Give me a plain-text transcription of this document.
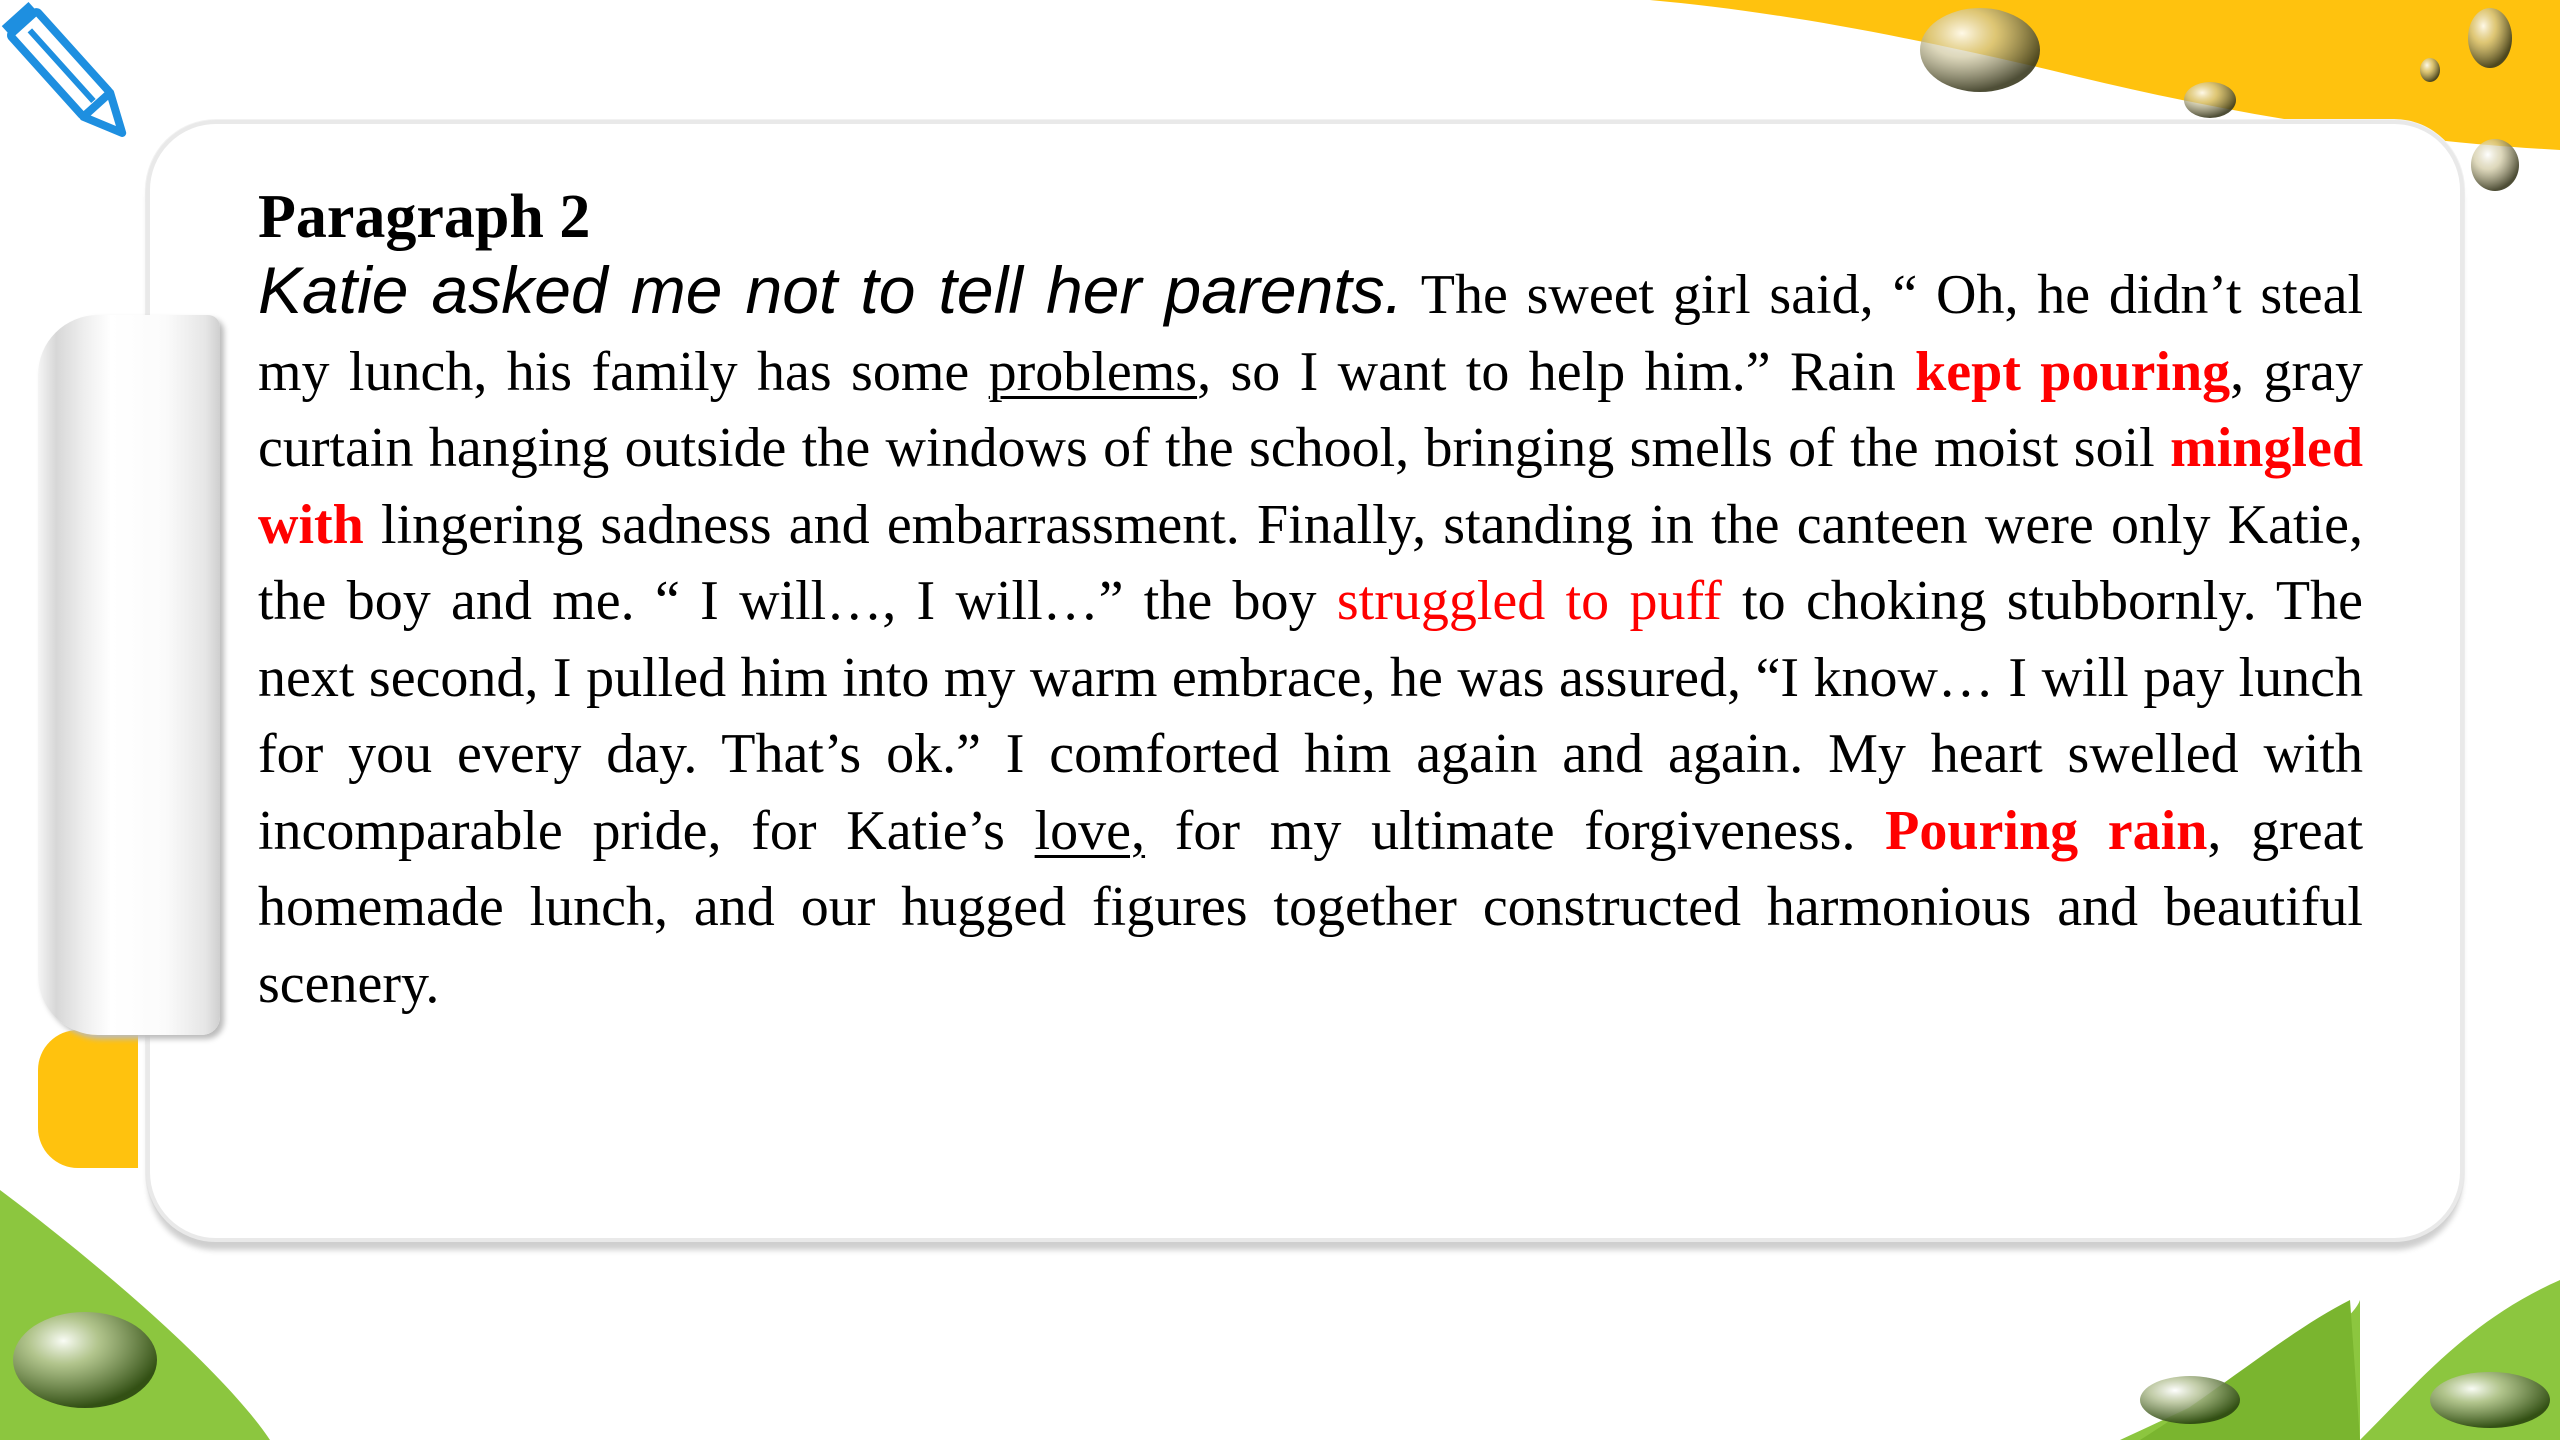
Paragraph 2

Katie asked me not to tell her parents. The sweet girl said, “ Oh, he didn’t steal my lunch, his family has some problems, so I want to help him.” Rain kept pouring, gray curtain hanging outside the windows of the school, bringing smells of the moist soil mingled with lingering sadness and embarrassment. Finally, standing in the canteen were only Katie, the boy and me. “ I will…, I will…” the boy struggled to puff to choking stubbornly. The next second, I pulled him into my warm embrace, he was assured, “I know… I will pay lunch for you every day. That’s ok.” I comforted him again and again. My heart swelled with incomparable pride, for Katie’s love, for my ultimate forgiveness. Pouring rain, great homemade lunch, and our hugged figures together constructed harmonious and beautiful scenery.
